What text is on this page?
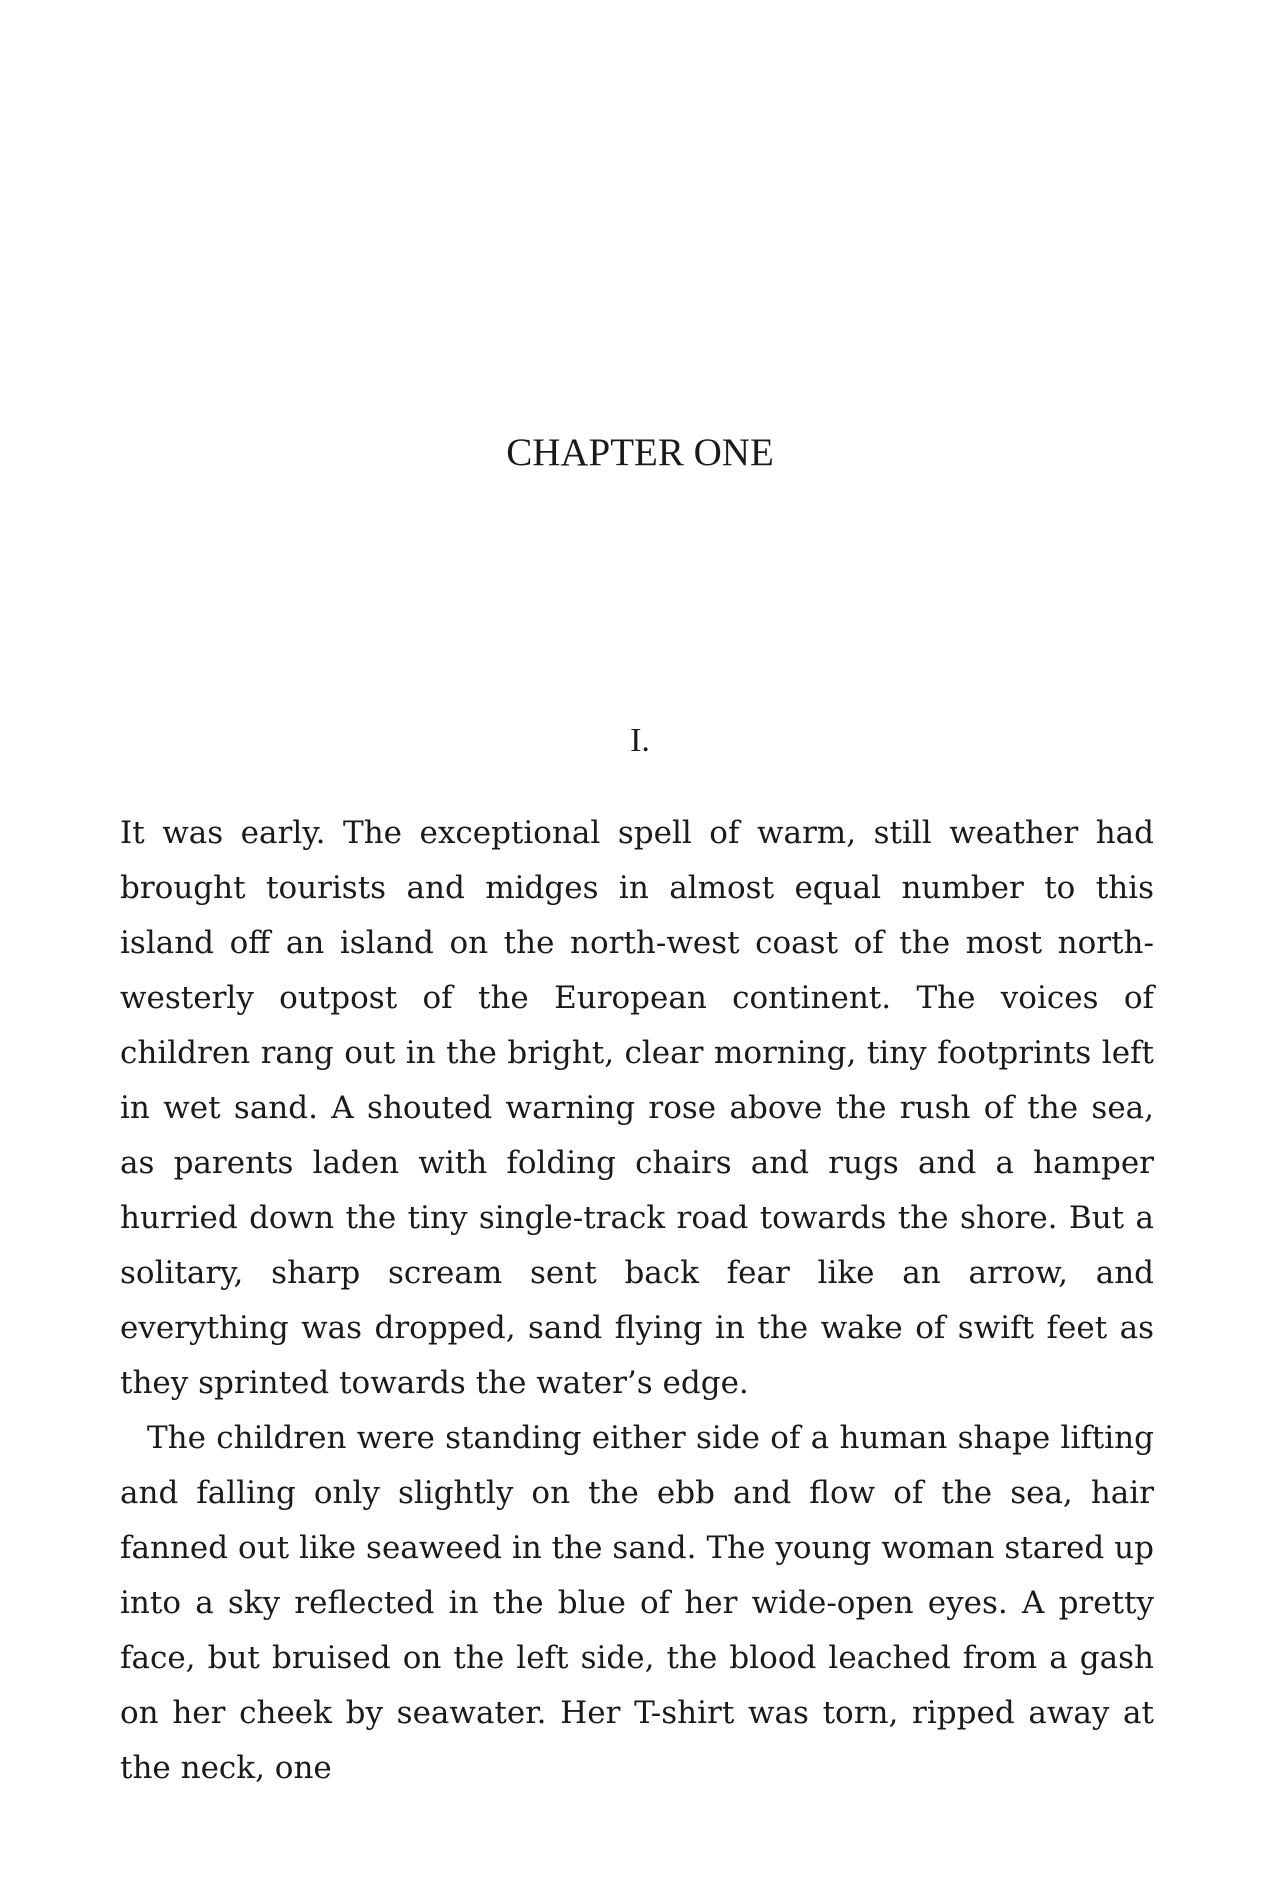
CHAPTER ONE
I.

It was early. The exceptional spell of warm, still weather had brought tourists and midges in almost equal number to this island off an island on the north-west coast of the most north-westerly outpost of the European continent. The voices of children rang out in the bright, clear morning, tiny footprints left in wet sand. A shouted warning rose above the rush of the sea, as parents laden with folding chairs and rugs and a hamper hurried down the tiny single-track road towards the shore. But a solitary, sharp scream sent back fear like an arrow, and everything was dropped, sand flying in the wake of swift feet as they sprinted towards the water’s edge.

The children were standing either side of a human shape lifting and falling only slightly on the ebb and flow of the sea, hair fanned out like seaweed in the sand. The young woman stared up into a sky reflected in the blue of her wide-open eyes. A pretty face, but bruised on the left side, the blood leached from a gash on her cheek by seawater. Her T-shirt was torn, ripped away at the neck, one
